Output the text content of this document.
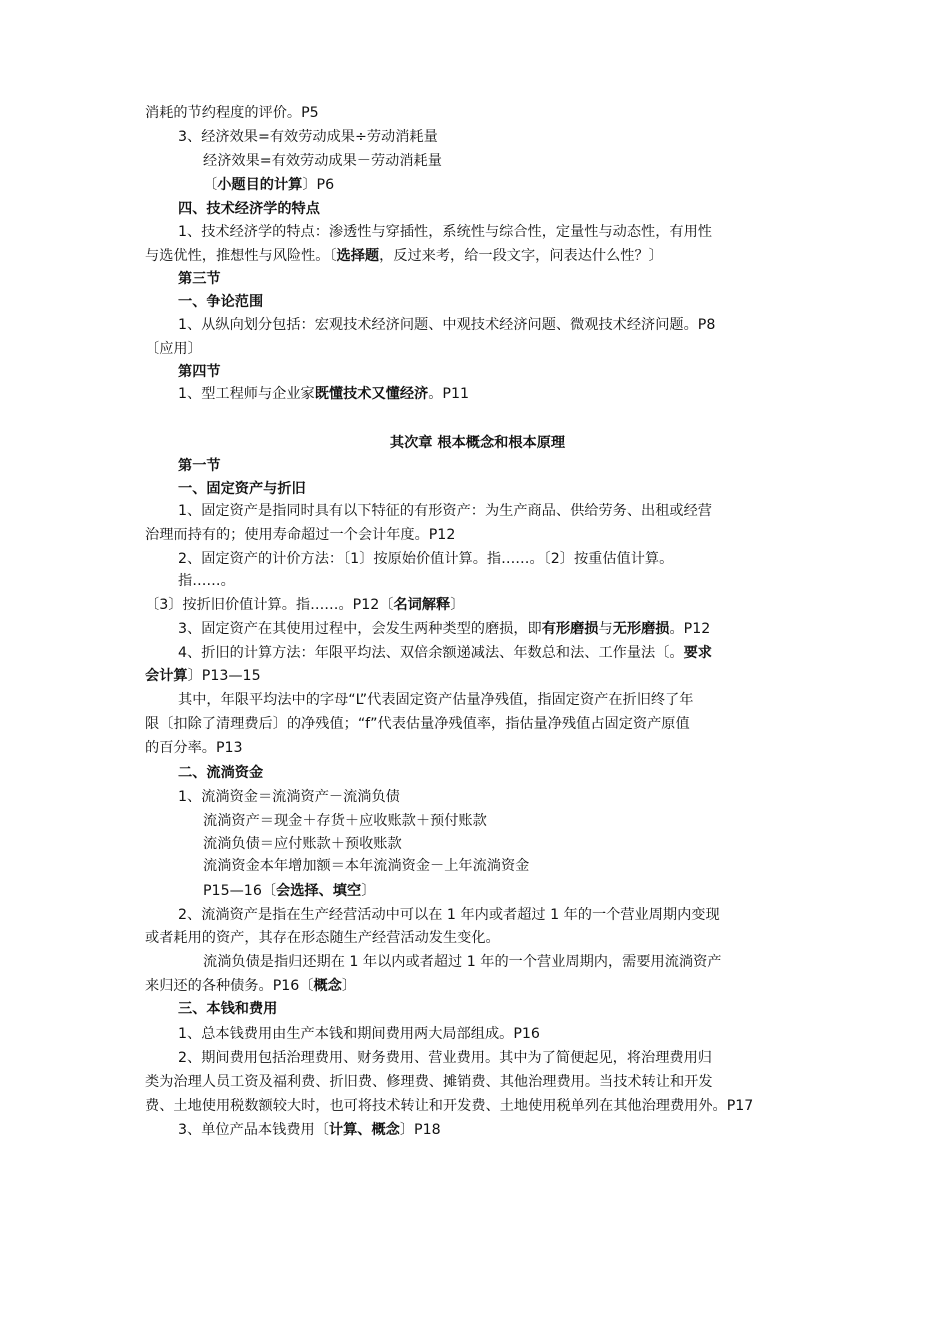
消耗的节约程度的评价。P5
3、经济效果=有效劳动成果÷劳动消耗量
经济效果=有效劳动成果－劳动消耗量
〔小题目的计算〕P6
四、技术经济学的特点
1、技术经济学的特点：渗透性与穿插性，系统性与综合性，定量性与动态性，有用性
与选优性，推想性与风险性。〔选择题，反过来考，给一段文字，问表达什么性？〕
第三节
一、争论范围
1、从纵向划分包括：宏观技术经济问题、中观技术经济问题、微观技术经济问题。P8
〔应用〕
第四节
1、型工程师与企业家既懂技术又懂经济。P11
其次章 根本概念和根本原理
第一节
一、固定资产与折旧
1、固定资产是指同时具有以下特征的有形资产：为生产商品、供给劳务、出租或经营
治理而持有的；使用寿命超过一个会计年度。P12
2、固定资产的计价方法：〔1〕按原始价值计算。指……。〔2〕按重估值计算。
指……。
〔3〕按折旧价值计算。指……。P12〔名词解释〕
3、固定资产在其使用过程中，会发生两种类型的磨损，即有形磨损与无形磨损。P12
4、折旧的计算方法：年限平均法、双倍余额递减法、年数总和法、工作量法〔。要求
会计算〕P13—15
其中，年限平均法中的字母“L”代表固定资产估量净残值，指固定资产在折旧终了年
限〔扣除了清理费后〕的净残值；“f”代表估量净残值率，指估量净残值占固定资产原值
的百分率。P13
二、流淌资金
1、流淌资金＝流淌资产－流淌负债
流淌资产＝现金＋存货＋应收账款＋预付账款
流淌负债＝应付账款＋预收账款
流淌资金本年增加额＝本年流淌资金－上年流淌资金
P15—16〔会选择、填空〕
2、流淌资产是指在生产经营活动中可以在 1 年内或者超过 1 年的一个营业周期内变现
或者耗用的资产，其存在形态随生产经营活动发生变化。
流淌负债是指归还期在 1 年以内或者超过 1 年的一个营业周期内，需要用流淌资产
来归还的各种债务。P16〔概念〕
三、本钱和费用
1、总本钱费用由生产本钱和期间费用两大局部组成。P16
2、期间费用包括治理费用、财务费用、营业费用。其中为了简便起见，将治理费用归
类为治理人员工资及福利费、折旧费、修理费、摊销费、其他治理费用。当技术转让和开发
费、土地使用税数额较大时，也可将技术转让和开发费、土地使用税单列在其他治理费用外。P17
3、单位产品本钱费用〔计算、概念〕P18
